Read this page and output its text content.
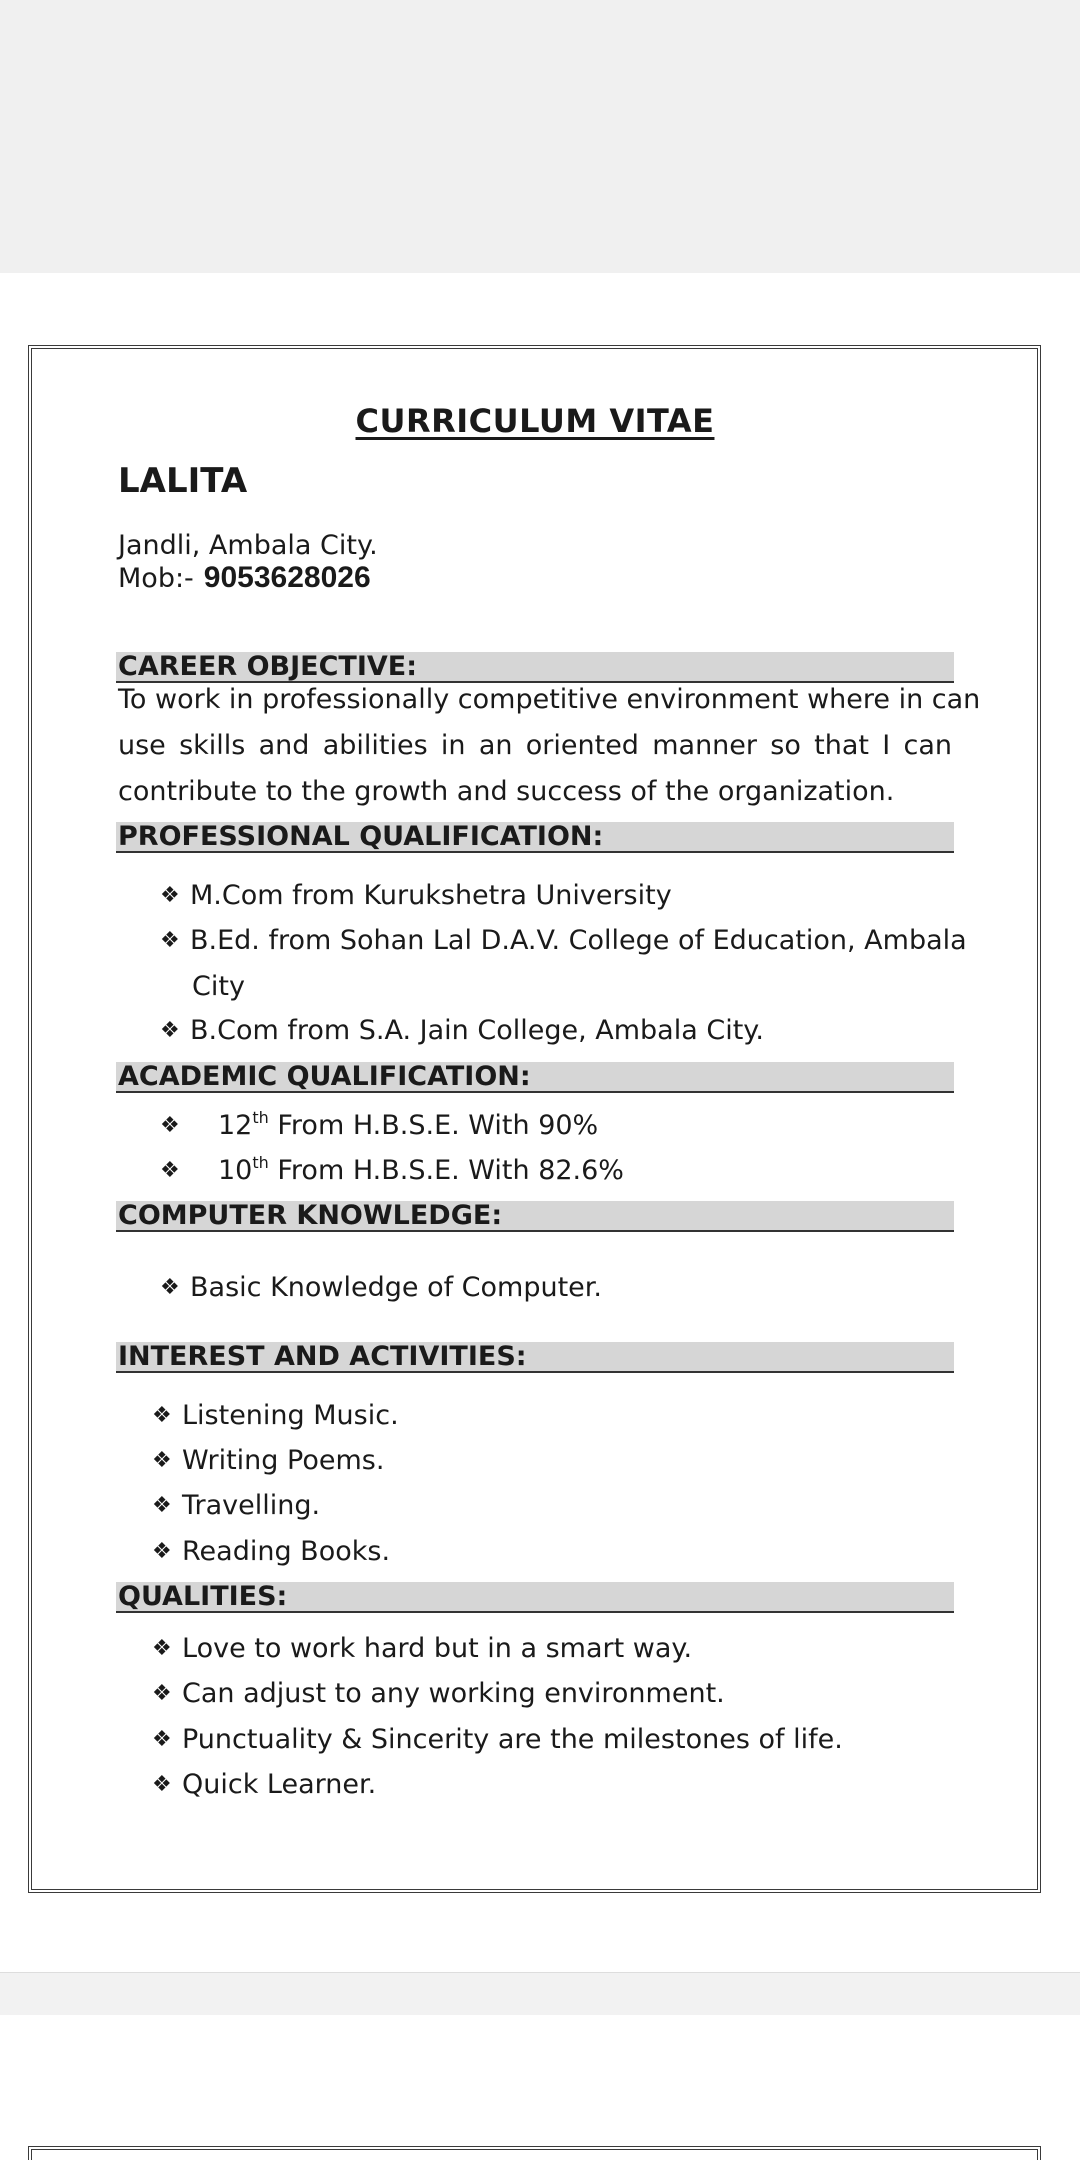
CURRICULUM VITAE
LALITA
Jandli, Ambala City.
Mob:- 9053628026
CAREER OBJECTIVE:
To work in professionally competitive environment where in can
use skills and abilities in an oriented manner so that I can
contribute to the growth and success of the organization.
PROFESSIONAL QUALIFICATION:
❖ M.Com from Kurukshetra University
❖ B.Ed. from Sohan Lal D.A.V. College of Education, Ambala
City
❖ B.Com from S.A. Jain College, Ambala City.
ACADEMIC QUALIFICATION:
❖ 12th From H.B.S.E. With 90%
❖ 10th From H.B.S.E. With 82.6%
COMPUTER KNOWLEDGE:
❖ Basic Knowledge of Computer.
INTEREST AND ACTIVITIES:
❖ Listening Music.
❖ Writing Poems.
❖ Travelling.
❖ Reading Books.
QUALITIES:
❖ Love to work hard but in a smart way.
❖ Can adjust to any working environment.
❖ Punctuality & Sincerity are the milestones of life.
❖ Quick Learner.
